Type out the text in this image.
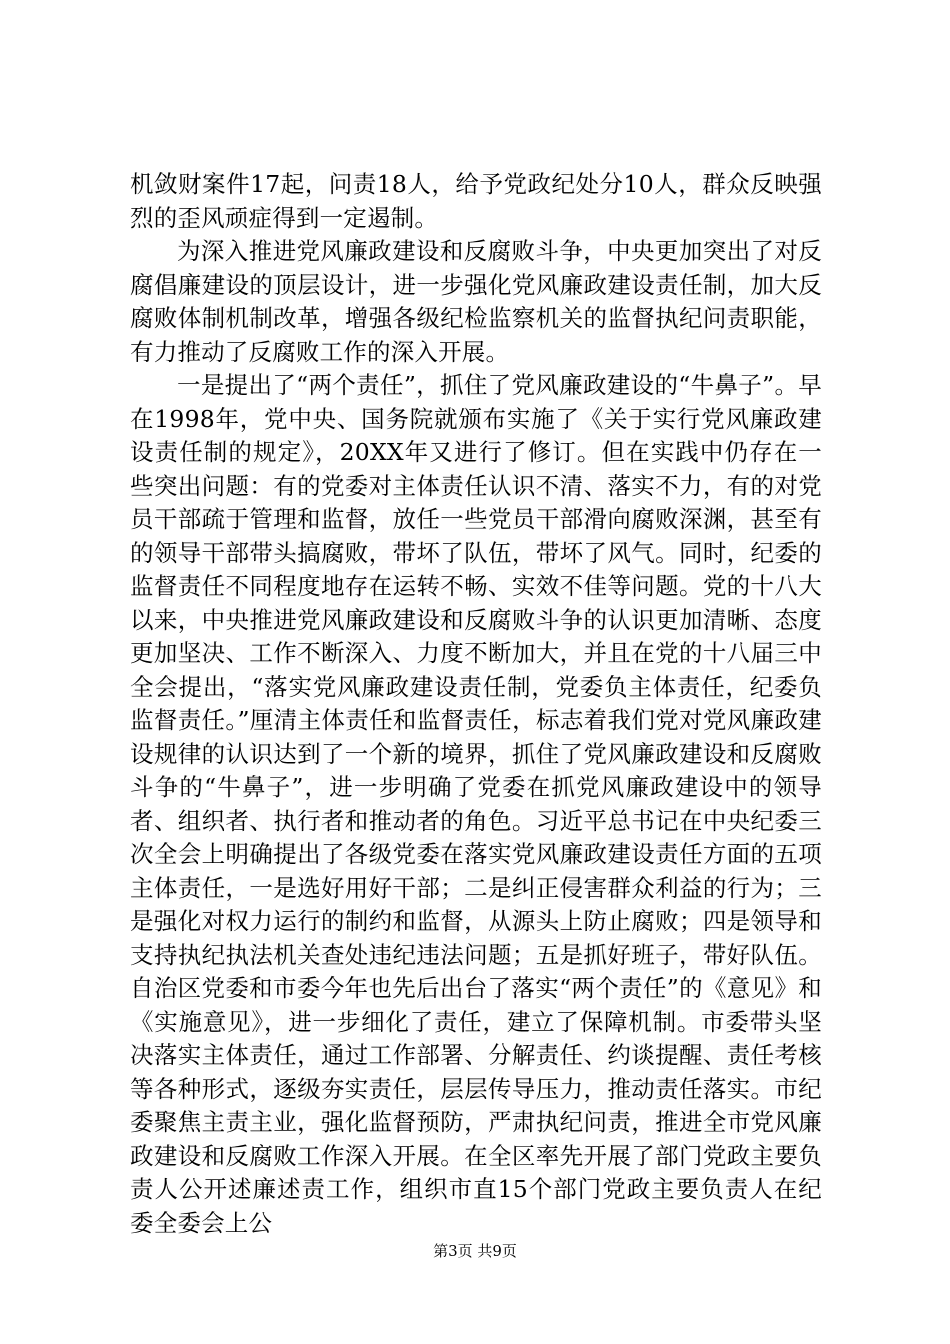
机敛财案件17起，问责18人，给予党政纪处分10人，群众反映强烈的歪风顽症得到一定遏制。

为深入推进党风廉政建设和反腐败斗争，中央更加突出了对反腐倡廉建设的顶层设计，进一步强化党风廉政建设责任制，加大反腐败体制机制改革，增强各级纪检监察机关的监督执纪问责职能，有力推动了反腐败工作的深入开展。

一是提出了“两个责任”，抓住了党风廉政建设的“牛鼻子”。早在1998年，党中央、国务院就颁布实施了《关于实行党风廉政建设责任制的规定》，20XX年又进行了修订。但在实践中仍存在一些突出问题：有的党委对主体责任认识不清、落实不力，有的对党员干部疏于管理和监督，放任一些党员干部滑向腐败深渊，甚至有的领导干部带头搞腐败，带坏了队伍，带坏了风气。同时，纪委的监督责任不同程度地存在运转不畅、实效不佳等问题。党的十八大以来，中央推进党风廉政建设和反腐败斗争的认识更加清晰、态度更加坚决、工作不断深入、力度不断加大，并且在党的十八届三中全会提出，“落实党风廉政建设责任制，党委负主体责任，纪委负监督责任。”厘清主体责任和监督责任，标志着我们党对党风廉政建设规律的认识达到了一个新的境界，抓住了党风廉政建设和反腐败斗争的“牛鼻子”，进一步明确了党委在抓党风廉政建设中的领导者、组织者、执行者和推动者的角色。习近平总书记在中央纪委三次全会上明确提出了各级党委在落实党风廉政建设责任方面的五项主体责任，一是选好用好干部；二是纠正侵害群众利益的行为；三是强化对权力运行的制约和监督，从源头上防止腐败；四是领导和支持执纪执法机关查处违纪违法问题；五是抓好班子，带好队伍。自治区党委和市委今年也先后出台了落实“两个责任”的《意见》和《实施意见》，进一步细化了责任，建立了保障机制。市委带头坚决落实主体责任，通过工作部署、分解责任、约谈提醒、责任考核等各种形式，逐级夯实责任，层层传导压力，推动责任落实。市纪委聚焦主责主业，强化监督预防，严肃执纪问责，推进全市党风廉政建设和反腐败工作深入开展。在全区率先开展了部门党政主要负责人公开述廉述责工作，组织市直15个部门党政主要负责人在纪委全委会上公

第3页 共9页
